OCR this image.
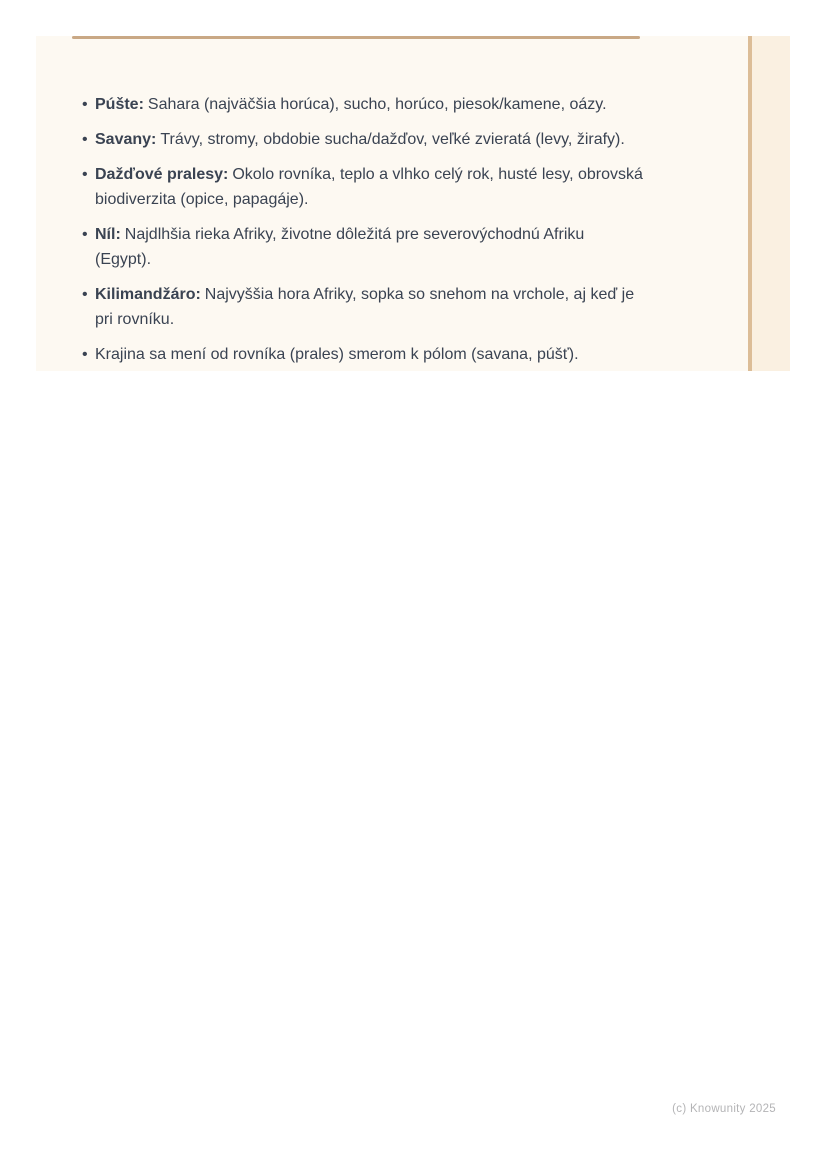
• Púšte: Sahara (najväčšia horúca), sucho, horúco, piesok/kamene, oázy.
• Savany: Trávy, stromy, obdobie sucha/dažďov, veľké zvieratá (levy, žirafy).
• Dažďové pralesy: Okolo rovníka, teplo a vlhko celý rok, husté lesy, obrovská biodiverzita (opice, papagáje).
• Níl: Najdlhšia rieka Afriky, životne dôležitá pre severovýchodnú Afriku (Egypt).
• Kilimandžáro: Najvyššia hora Afriky, sopka so snehom na vrchole, aj keď je pri rovníku.
• Krajina sa mení od rovníka (prales) smerom k pólom (savana, púšť).
(c) Knowunity 2025
